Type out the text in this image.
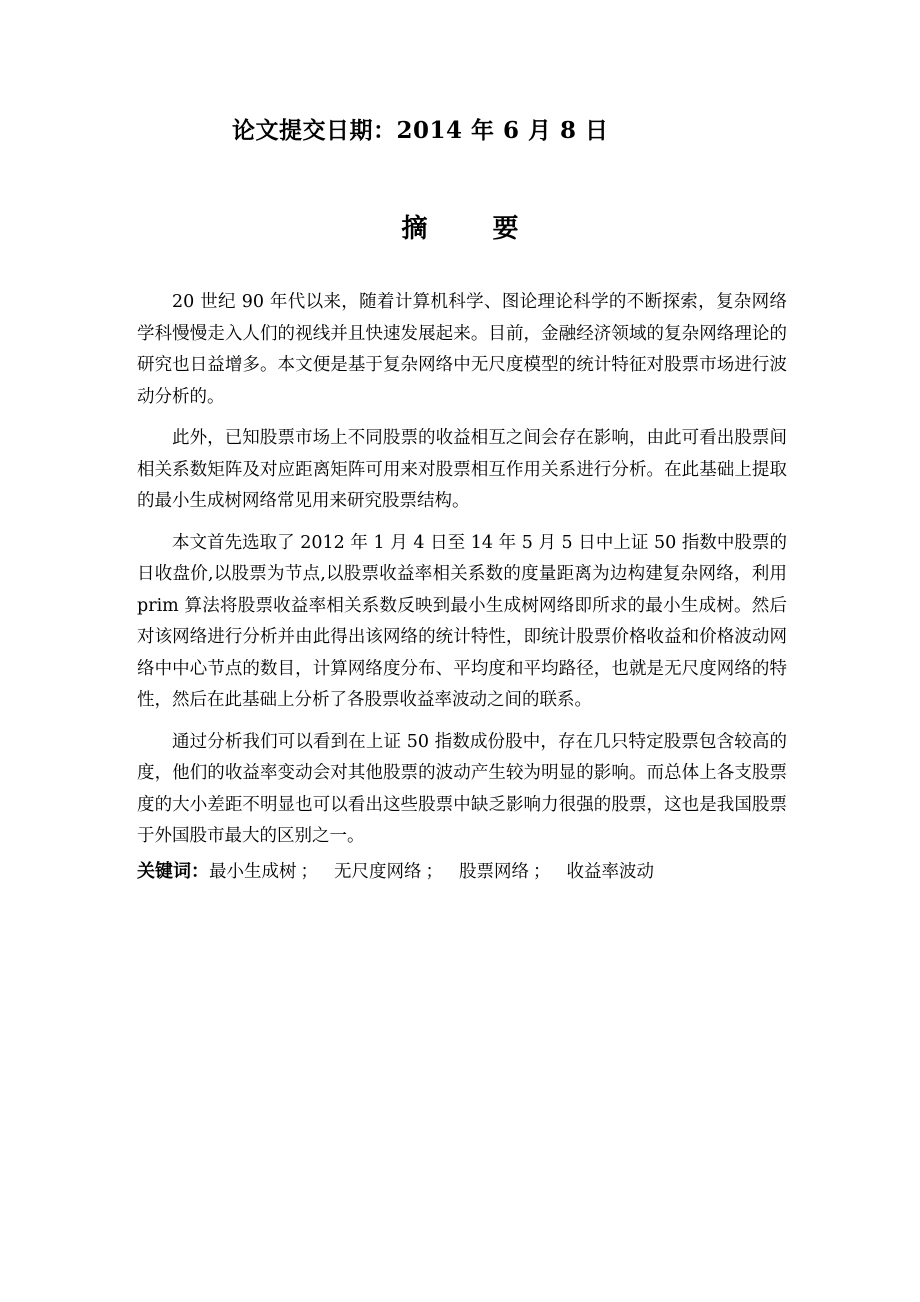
论文提交日期：2014 年 6 月 8 日
摘 要

20 世纪 90 年代以来，随着计算机科学、图论理论科学的不断探索，复杂网络学科慢慢走入人们的视线并且快速发展起来。目前，金融经济领域的复杂网络理论的研究也日益增多。本文便是基于复杂网络中无尺度模型的统计特征对股票市场进行波动分析的。

此外，已知股票市场上不同股票的收益相互之间会存在影响，由此可看出股票间相关系数矩阵及对应距离矩阵可用来对股票相互作用关系进行分析。在此基础上提取的最小生成树网络常见用来研究股票结构。

本文首先选取了 2012 年 1 月 4 日至 14 年 5 月 5 日中上证 50 指数中股票的日收盘价,以股票为节点,以股票收益率相关系数的度量距离为边构建复杂网络，利用 prim 算法将股票收益率相关系数反映到最小生成树网络即所求的最小生成树。然后对该网络进行分析并由此得出该网络的统计特性，即统计股票价格收益和价格波动网络中中心节点的数目，计算网络度分布、平均度和平均路径，也就是无尺度网络的特性，然后在此基础上分析了各股票收益率波动之间的联系。

通过分析我们可以看到在上证 50 指数成份股中，存在几只特定股票包含较高的度，他们的收益率变动会对其他股票的波动产生较为明显的影响。而总体上各支股票度的大小差距不明显也可以看出这些股票中缺乏影响力很强的股票，这也是我国股票于外国股市最大的区别之一。

关键词：最小生成树 ； 无尺度网络 ； 股票网络 ； 收益率波动
